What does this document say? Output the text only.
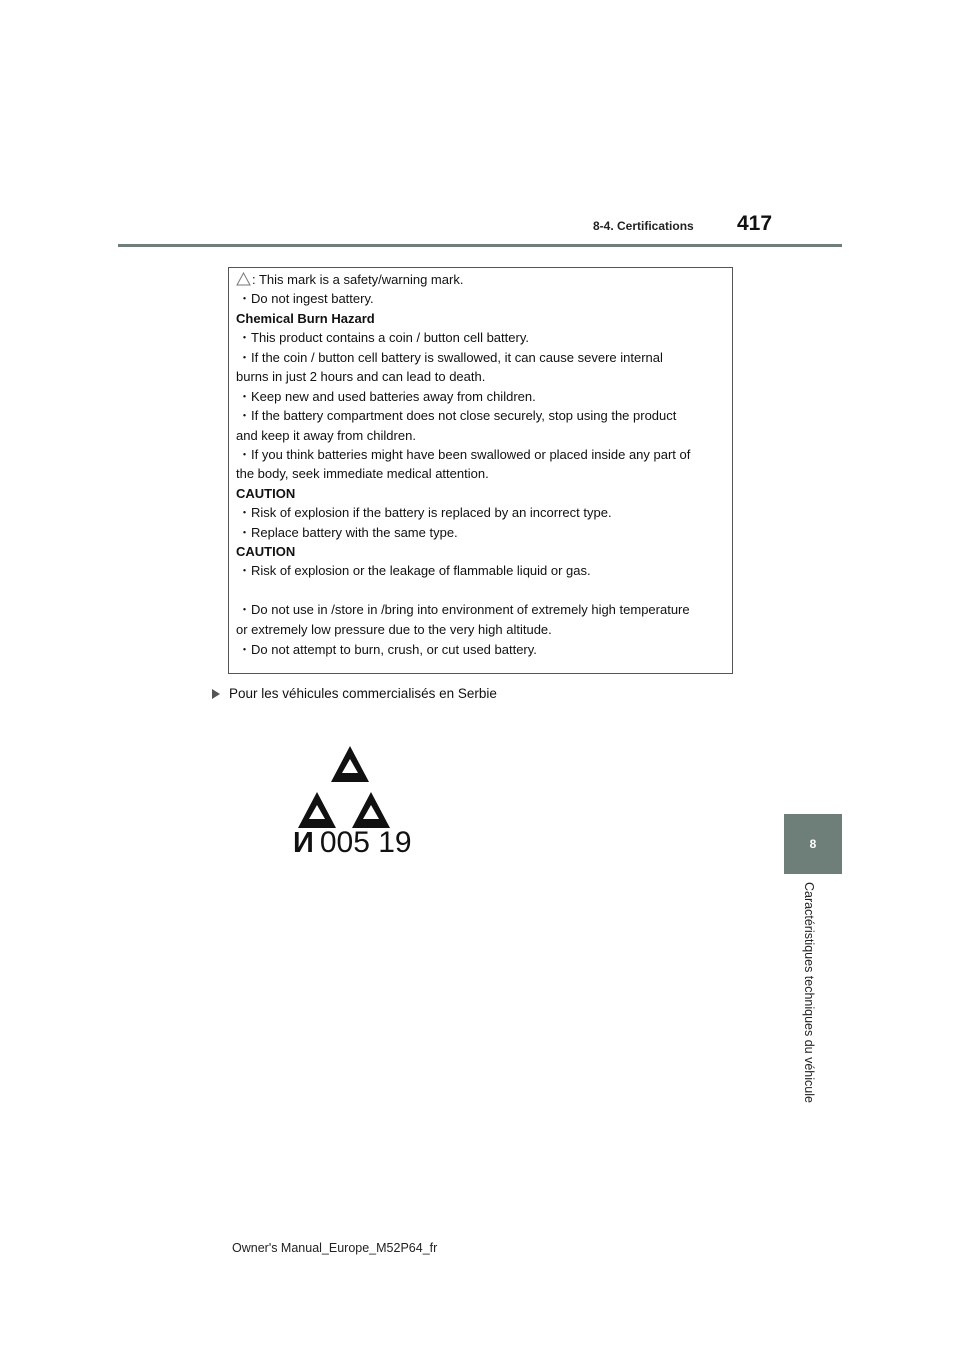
8-4. Certifications 417
8
Caractéristiques techniques du véhicule
: This mark is a safety/warning mark.
・Do not ingest battery.
Chemical Burn Hazard
・This product contains a coin / button cell battery.
・If the coin / button cell battery is swallowed, it can cause severe internal
burns in just 2 hours and can lead to death.
・Keep new and used batteries away from children.
・If the battery compartment does not close securely, stop using the product
and keep it away from children.
・If you think batteries might have been swallowed or placed inside any part of
the body, seek immediate medical attention.
CAUTION
・Risk of explosion if the battery is replaced by an incorrect type.
・Replace battery with the same type.
CAUTION
・Risk of explosion or the leakage of flammable liquid or gas.
・Do not use in /store in /bring into environment of extremely high temperature
or extremely low pressure due to the very high altitude.
・Do not attempt to burn, crush, or cut used battery.
Pour les véhicules commercialisés en Serbie
И 005 19
Owner's Manual_Europe_M52P64_fr
